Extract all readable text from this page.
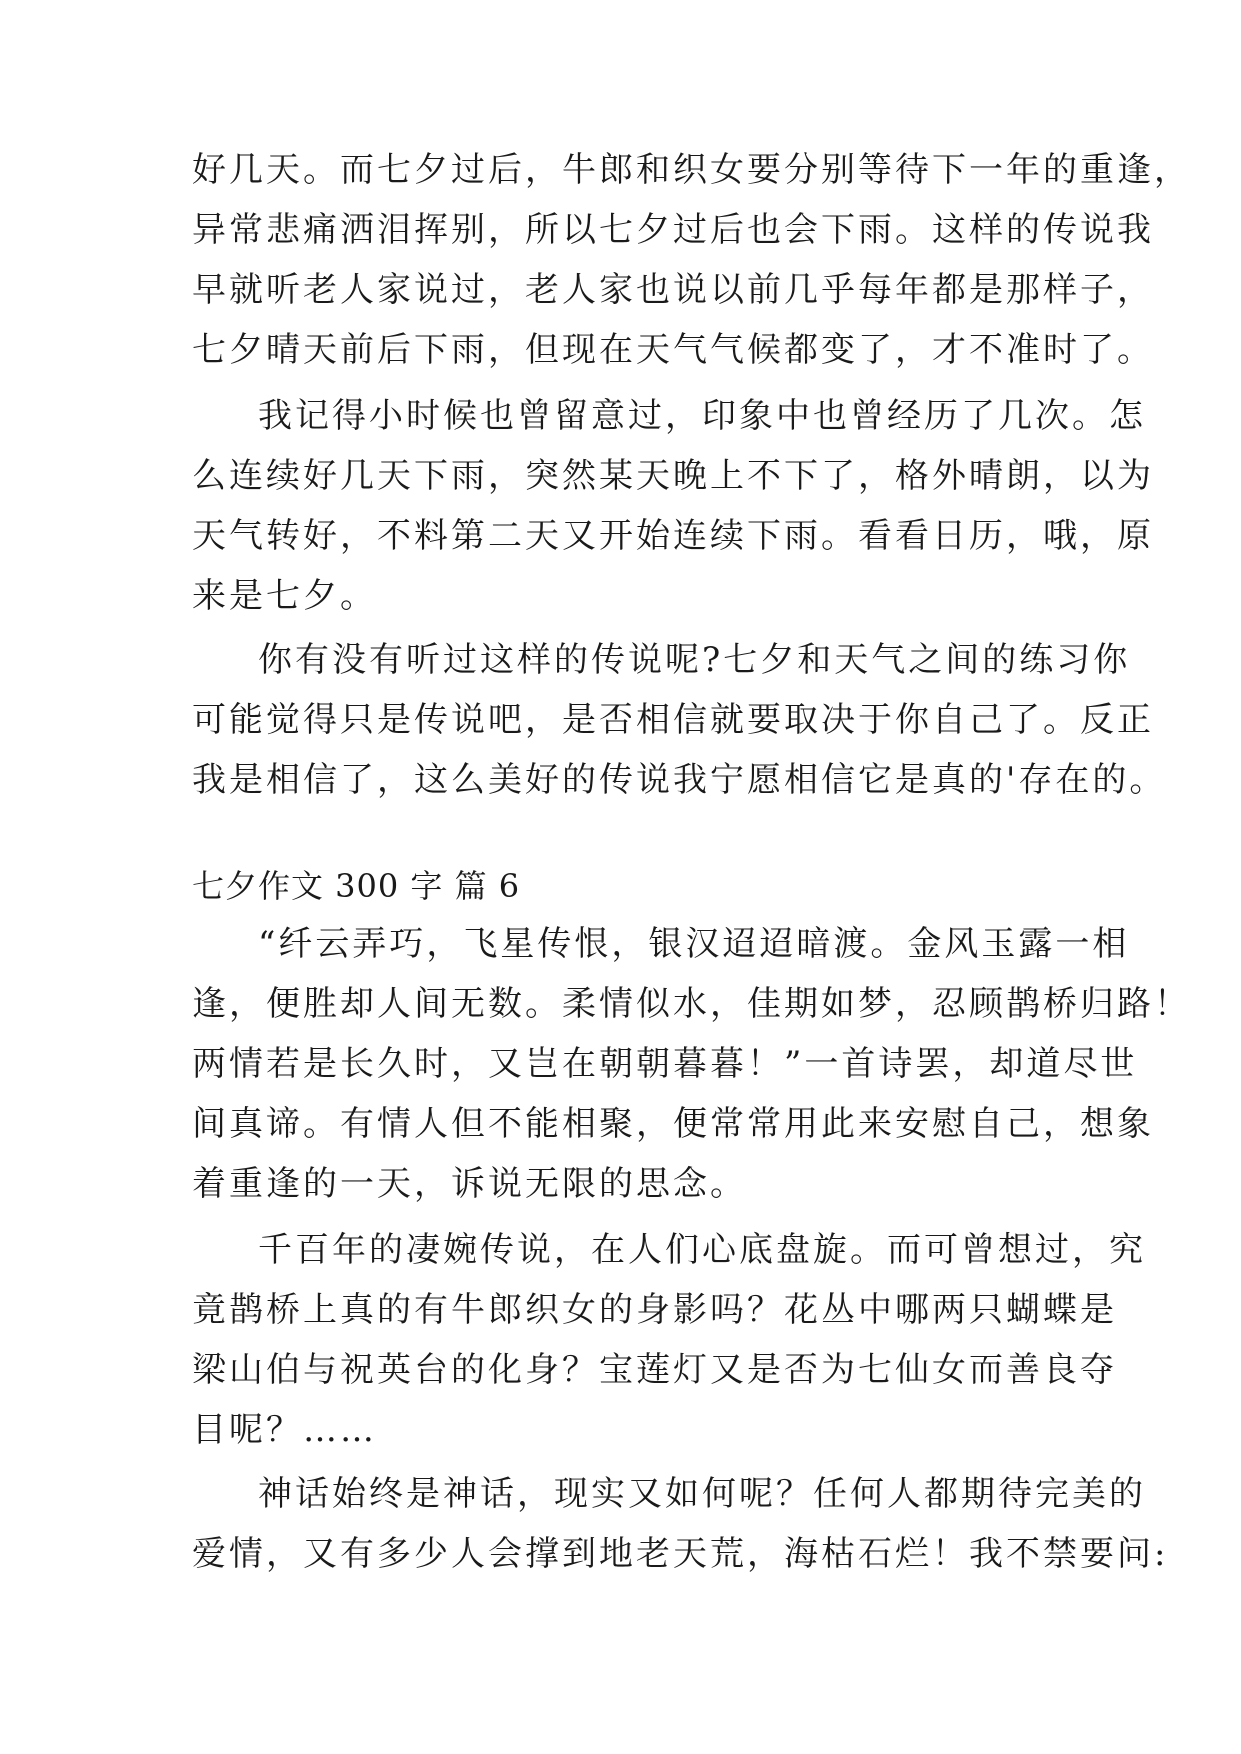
好几天。而七夕过后，牛郎和织女要分别等待下一年的重逢，
异常悲痛洒泪挥别，所以七夕过后也会下雨。这样的传说我
早就听老人家说过，老人家也说以前几乎每年都是那样子，
七夕晴天前后下雨，但现在天气气候都变了，才不准时了。
我记得小时候也曾留意过，印象中也曾经历了几次。怎
么连续好几天下雨，突然某天晚上不下了，格外晴朗，以为
天气转好，不料第二天又开始连续下雨。看看日历，哦，原
来是七夕。
你有没有听过这样的传说呢?七夕和天气之间的练习你
可能觉得只是传说吧，是否相信就要取决于你自己了。反正
我是相信了，这么美好的传说我宁愿相信它是真的'存在的。
七夕作文 300 字 篇 6
“纤云弄巧，飞星传恨，银汉迢迢暗渡。金风玉露一相
逢，便胜却人间无数。柔情似水，佳期如梦，忍顾鹊桥归路！
两情若是长久时，又岂在朝朝暮暮！”一首诗罢，却道尽世
间真谛。有情人但不能相聚，便常常用此来安慰自己，想象
着重逢的一天，诉说无限的思念。
千百年的凄婉传说，在人们心底盘旋。而可曾想过，究
竟鹊桥上真的有牛郎织女的身影吗？花丛中哪两只蝴蝶是
梁山伯与祝英台的化身？宝莲灯又是否为七仙女而善良夺
目呢？……
神话始终是神话，现实又如何呢？任何人都期待完美的
爱情，又有多少人会撑到地老天荒，海枯石烂！我不禁要问:
